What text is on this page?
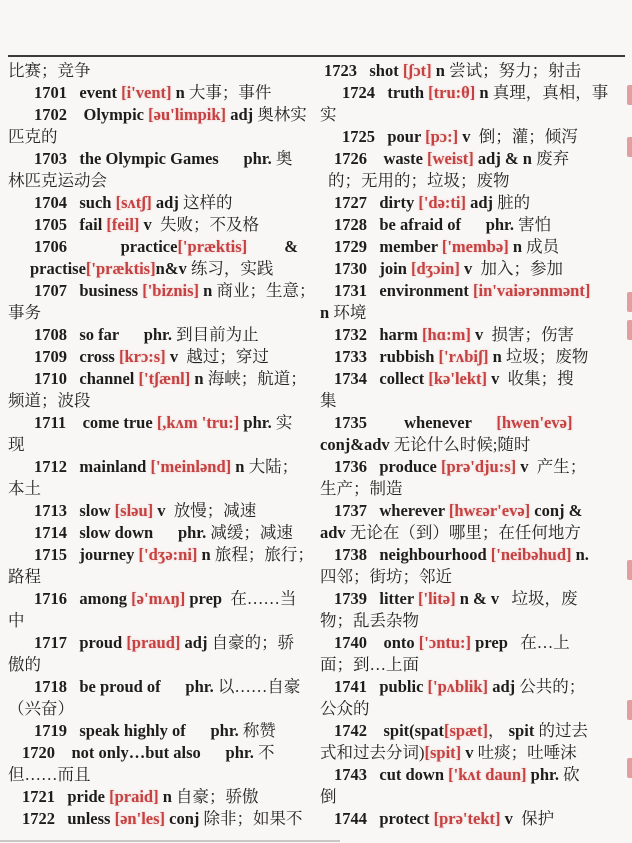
比赛；竞争
1701   event [i'vent] n 大事；事件
1702    Olympic [əu'limpik] adj 奥林实
匹克的
1703   the Olympic Games      phr. 奥
林匹克运动会
1704   such [sʌtʃ] adj 这样的
1705   fail [feil] v  失败；不及格
1706             practice['præktis]         &
practise['præktis]n&v 练习，实践
1707   business ['biznis] n 商业；生意；
事务
1708   so far      phr. 到目前为止
1709   cross [krɔ:s] v  越过；穿过
1710   channel ['tʃænl] n 海峡；航道；
频道；波段
1711    come true [,kʌm 'tru:] phr. 实
现
1712   mainland ['meinlənd] n 大陆；
本土
1713   slow [sləu] v  放慢；减速
1714   slow down      phr. 减缓；减速
1715   journey ['dʒə:ni] n 旅程；旅行；
路程
1716   among [ə'mʌŋ] prep  在……当
中
1717   proud [praud] adj 自豪的；骄
傲的
1718   be proud of      phr. 以……自豪
（兴奋）
1719   speak highly of      phr. 称赞
1720    not only…but also      phr. 不
但……而且
1721   pride [praid] n 自豪；骄傲
1722   unless [ən'les] conj 除非；如果不
1723   shot [ʃɔt] n 尝试；努力；射击
1724   truth [tru:θ] n 真理，真相，事
实
1725   pour [pɔ:] v  倒；灌；倾泻
1726    waste [weist] adj & n 废弃
的；无用的；垃圾；废物
1727   dirty ['də:ti] adj 脏的
1728   be afraid of      phr. 害怕
1729   member ['membə] n 成员
1730   join [dʒɔin] v  加入；参加
1731   environment [in'vaiərənmənt]
n 环境
1732   harm [hɑ:m] v  损害；伤害
1733   rubbish ['rʌbiʃ] n 垃圾；废物
1734   collect [kə'lekt] v  收集；搜
集
1735         whenever      [hwen'evə]
conj&adv 无论什么时候;随时
1736   produce [prə'dju:s] v  产生；
生产；制造
1737   wherever [hwɛər'evə] conj &
adv 无论在（到）哪里；在任何地方
1738   neighbourhood ['neibəhud] n.
四邻；街坊；邻近
1739   litter ['litə] n & v   垃圾，废
物；乱丢杂物
1740    onto ['ɔntu:] prep   在…上
面；到…上面
1741   public ['pʌblik] adj 公共的；
公众的
1742    spit(spat[spæt]， spit 的过去
式和过去分词)[spit] v 吐痰；吐唾沫
1743   cut down ['kʌt daun] phr. 砍
倒
1744   protect [prə'tekt] v  保护
